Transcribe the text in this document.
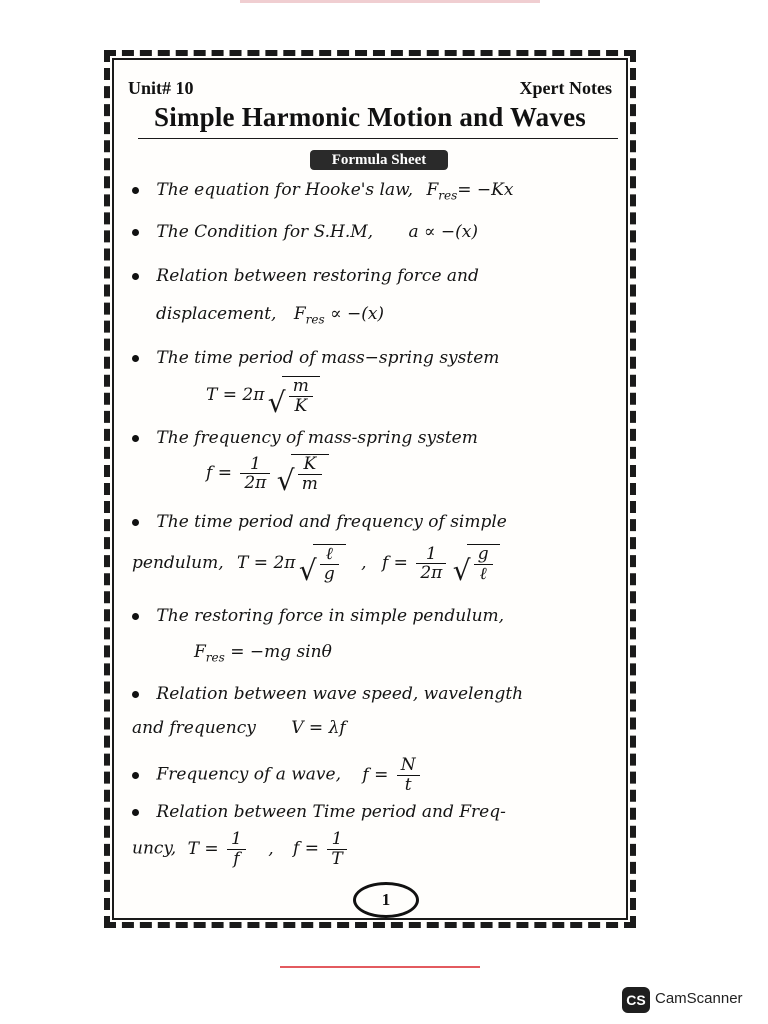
Unit# 10	Xpert Notes
Simple Harmonic Motion and Waves
Formula Sheet
The equation for Hooke's law, $F_{res}= -Kx$
The Condition for S.H.M, a ∝ −(x)
Relation between restoring force and
displacement, $F_{res} \propto -(x)$
The time period of mass−spring system
T = 2π √ $\frac{m}{K}$
The frequency of mass-spring system
$f = \frac{1}{2\pi}$
√ $\frac{K}{m}$
The time period and frequency of simple
pendulum, T = 2π √ $\frac{\text{ℓ}}{g}$ , $f = \frac{1}{2\pi}$
√ $\frac{g}{\text{ℓ}}$
The restoring force in simple pendulum,
$F_{res} = -mg$ sinθ
Relation between wave speed, wavelength
and frequency V = λf
Frequency of a wave, $f = \frac{N}{t}$
Relation between Time period and Freq-
uncy, $T = \frac{1}{f}$ , $f = \frac{1}{T}$
1
CS CamScanner
